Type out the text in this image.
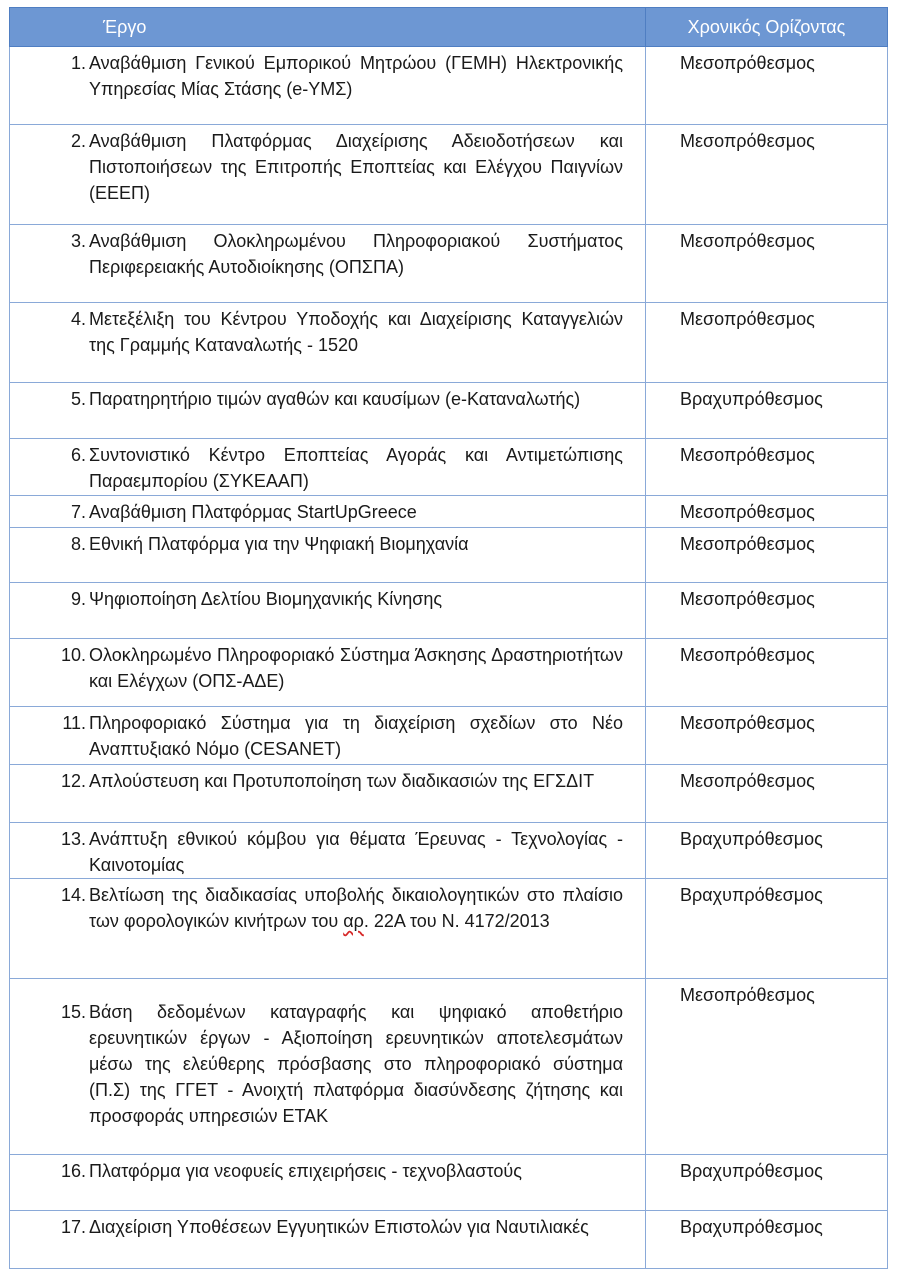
Έργο	Χρονικός Ορίζοντας

1. Αναβάθμιση Γενικού Εμπορικού Μητρώου (ΓΕΜΗ) Ηλεκτρονικής Υπηρεσίας Μίας Στάσης (e-ΥΜΣ)	Μεσοπρόθεσμος

2. Αναβάθμιση Πλατφόρμας Διαχείρισης Αδειοδοτήσεων και Πιστοποιήσεων της Επιτροπής Εποπτείας και Ελέγχου Παιγνίων (ΕΕΕΠ)	Μεσοπρόθεσμος

3. Αναβάθμιση Ολοκληρωμένου Πληροφοριακού Συστήματος Περιφερειακής Αυτοδιοίκησης (ΟΠΣΠΑ)	Μεσοπρόθεσμος

4. Μετεξέλιξη του Κέντρου Υποδοχής και Διαχείρισης Καταγγελιών της Γραμμής Καταναλωτής - 1520	Μεσοπρόθεσμος

5. Παρατηρητήριο τιμών αγαθών και καυσίμων (e-Καταναλωτής)	Βραχυπρόθεσμος

6. Συντονιστικό Κέντρο Εποπτείας Αγοράς και Αντιμετώπισης Παραεμπορίου (ΣΥΚΕΑΑΠ)	Μεσοπρόθεσμος

7. Αναβάθμιση Πλατφόρμας StartUpGreece	Μεσοπρόθεσμος

8. Εθνική Πλατφόρμα για την Ψηφιακή Βιομηχανία	Μεσοπρόθεσμος

9. Ψηφιοποίηση Δελτίου Βιομηχανικής Κίνησης	Μεσοπρόθεσμος

10. Ολοκληρωμένο Πληροφοριακό Σύστημα Άσκησης Δραστηριοτήτων και Ελέγχων (ΟΠΣ-ΑΔΕ)	Μεσοπρόθεσμος

11. Πληροφοριακό Σύστημα για τη διαχείριση σχεδίων στο Νέο Αναπτυξιακό Νόμο (CESANET)	Μεσοπρόθεσμος

12. Απλούστευση και Προτυποποίηση των διαδικασιών της ΕΓΣΔΙΤ	Μεσοπρόθεσμος

13. Ανάπτυξη εθνικού κόμβου για θέματα Έρευνας - Τεχνολογίας - Καινοτομίας	Βραχυπρόθεσμος

14. Βελτίωση της διαδικασίας υποβολής δικαιολογητικών στο πλαίσιο των φορολογικών κινήτρων του αρ. 22Α του Ν. 4172/2013	Βραχυπρόθεσμος

15. Βάση δεδομένων καταγραφής και ψηφιακό αποθετήριο ερευνητικών έργων - Αξιοποίηση ερευνητικών αποτελεσμάτων μέσω της ελεύθερης πρόσβασης στο πληροφοριακό σύστημα (Π.Σ) της ΓΓΕΤ - Ανοιχτή πλατφόρμα διασύνδεσης ζήτησης και προσφοράς υπηρεσιών ΕΤΑΚ	Μεσοπρόθεσμος

16. Πλατφόρμα για νεοφυείς επιχειρήσεις - τεχνοβλαστούς	Βραχυπρόθεσμος

17. Διαχείριση Υποθέσεων Εγγυητικών Επιστολών για Ναυτιλιακές	Βραχυπρόθεσμος
